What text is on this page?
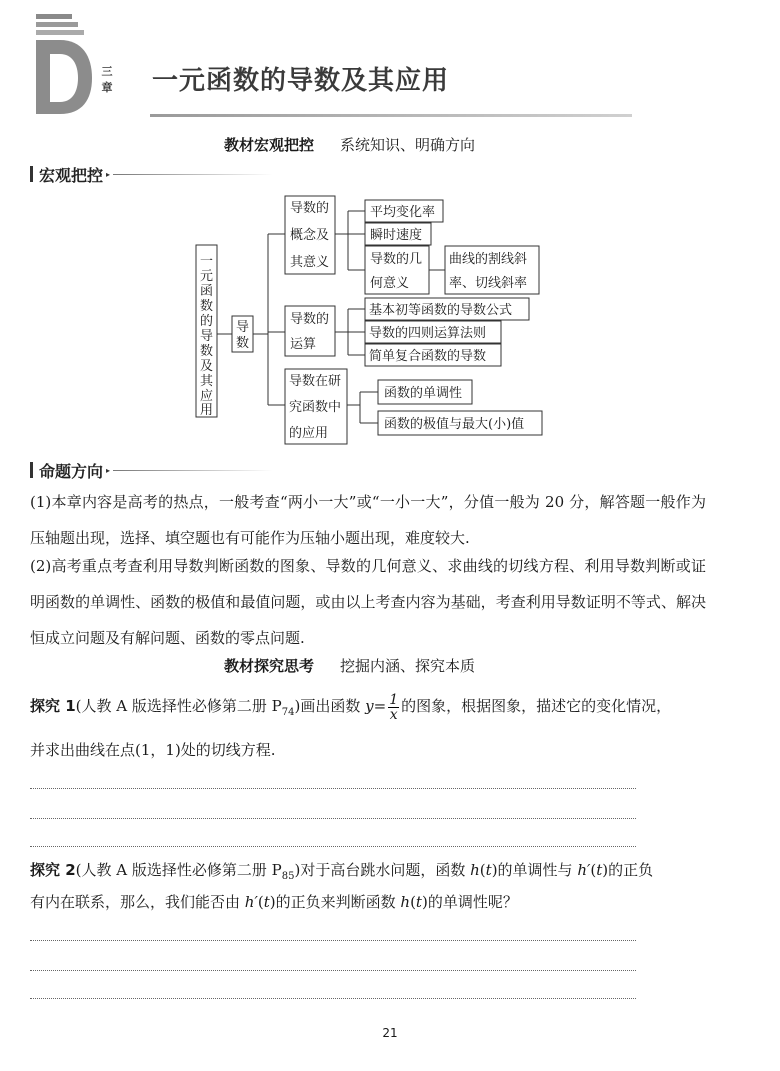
三
章 一元函数的导数及其应用
教材宏观把控 系统知识、明确方向
宏观把控 ▸
一
元
函
数
的
导
数
及
其
应
用
导
数
导数的
概念及
其意义
平均变化率
瞬时速度
导数的几
何意义
曲线的割线斜
率、切线斜率
导数的
运算
基本初等函数的导数公式
导数的四则运算法则
简单复合函数的导数
导数在研
究函数中
的应用
函数的单调性
函数的极值与最大(小)值
命题方向 ▸
(1)本章内容是高考的热点，一般考查“两小一大”或“一小一大”，分值一般为 20 分，解答题一般作为压轴题出现，选择、填空题也有可能作为压轴小题出现，难度较大.
(2)高考重点考查利用导数判断函数的图象、导数的几何意义、求曲线的切线方程、利用导数判断或证明函数的单调性、函数的极值和最值问题，或由以上考查内容为基础，考查利用导数证明不等式、解决恒成立问题及有解问题、函数的零点问题.
教材探究思考 挖掘内涵、探究本质
探究 1(人教 A 版选择性必修第二册 $P_{74}$)画出函数 $y= \frac{1}{x}$ 的图象，根据图象，描述它的变化情况，
并求出曲线在点(1，1)处的切线方程.
探究 2(人教 A 版选择性必修第二册 $P_{85}$)对于高台跳水问题，函数 h(t)的单调性与 h′(t)的正负
有内在联系，那么，我们能否由 h′(t)的正负来判断函数 h(t)的单调性呢？
21
